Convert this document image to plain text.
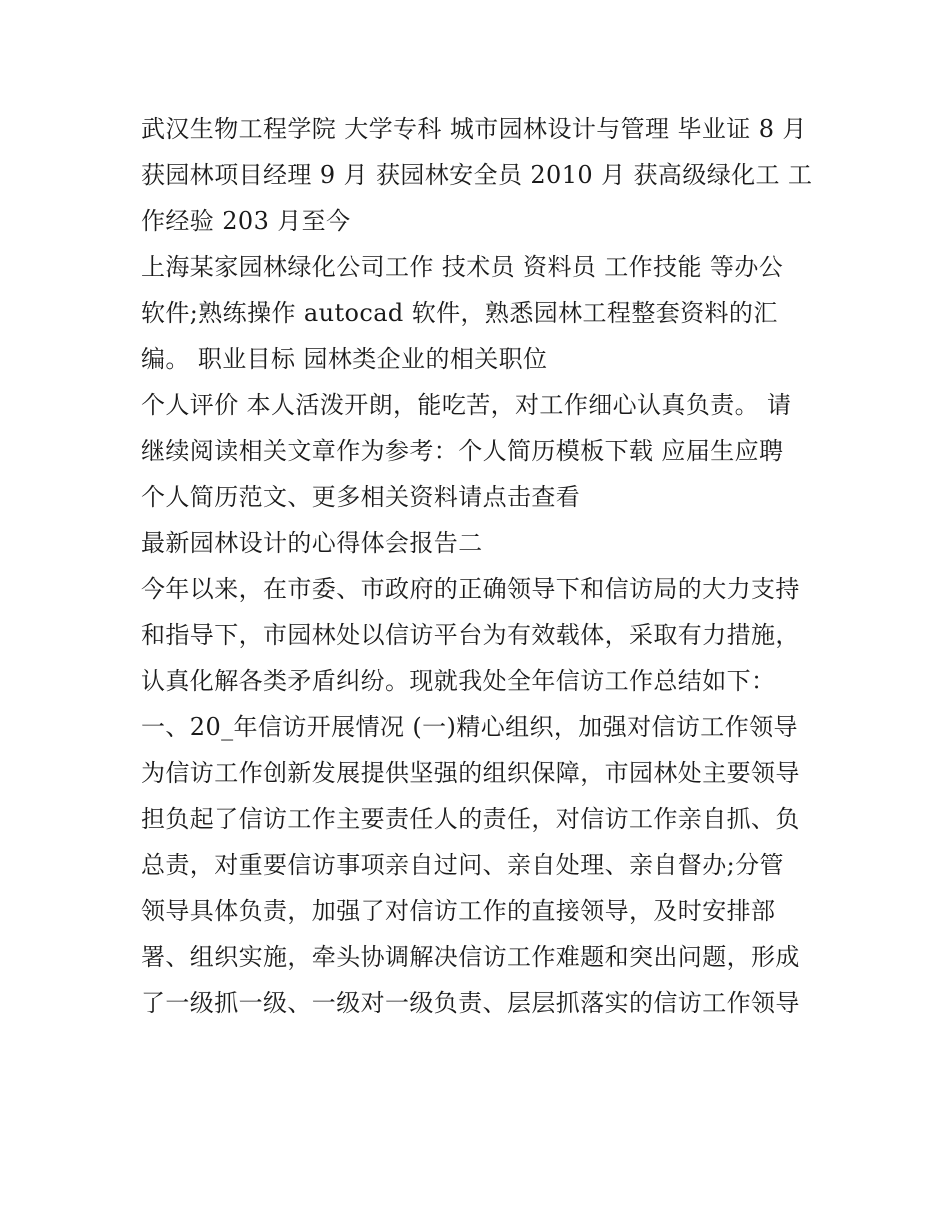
武汉生物工程学院 大学专科 城市园林设计与管理 毕业证 8 月

获园林项目经理 9 月 获园林安全员 2010 月 获高级绿化工 工

作经验 203 月至今

上海某家园林绿化公司工作 技术员 资料员 工作技能 等办公

软件;熟练操作 autocad 软件，熟悉园林工程整套资料的汇

编。 职业目标 园林类企业的相关职位

个人评价 本人活泼开朗，能吃苦，对工作细心认真负责。 请

继续阅读相关文章作为参考：个人简历模板下载 应届生应聘

个人简历范文、更多相关资料请点击查看

最新园林设计的心得体会报告二

今年以来，在市委、市政府的正确领导下和信访局的大力支持

和指导下，市园林处以信访平台为有效载体，采取有力措施，

认真化解各类矛盾纠纷。现就我处全年信访工作总结如下：

一、20_年信访开展情况 (一)精心组织，加强对信访工作领导

为信访工作创新发展提供坚强的组织保障，市园林处主要领导

担负起了信访工作主要责任人的责任，对信访工作亲自抓、负

总责，对重要信访事项亲自过问、亲自处理、亲自督办;分管

领导具体负责，加强了对信访工作的直接领导，及时安排部

署、组织实施，牵头协调解决信访工作难题和突出问题，形成

了一级抓一级、一级对一级负责、层层抓落实的信访工作领导
